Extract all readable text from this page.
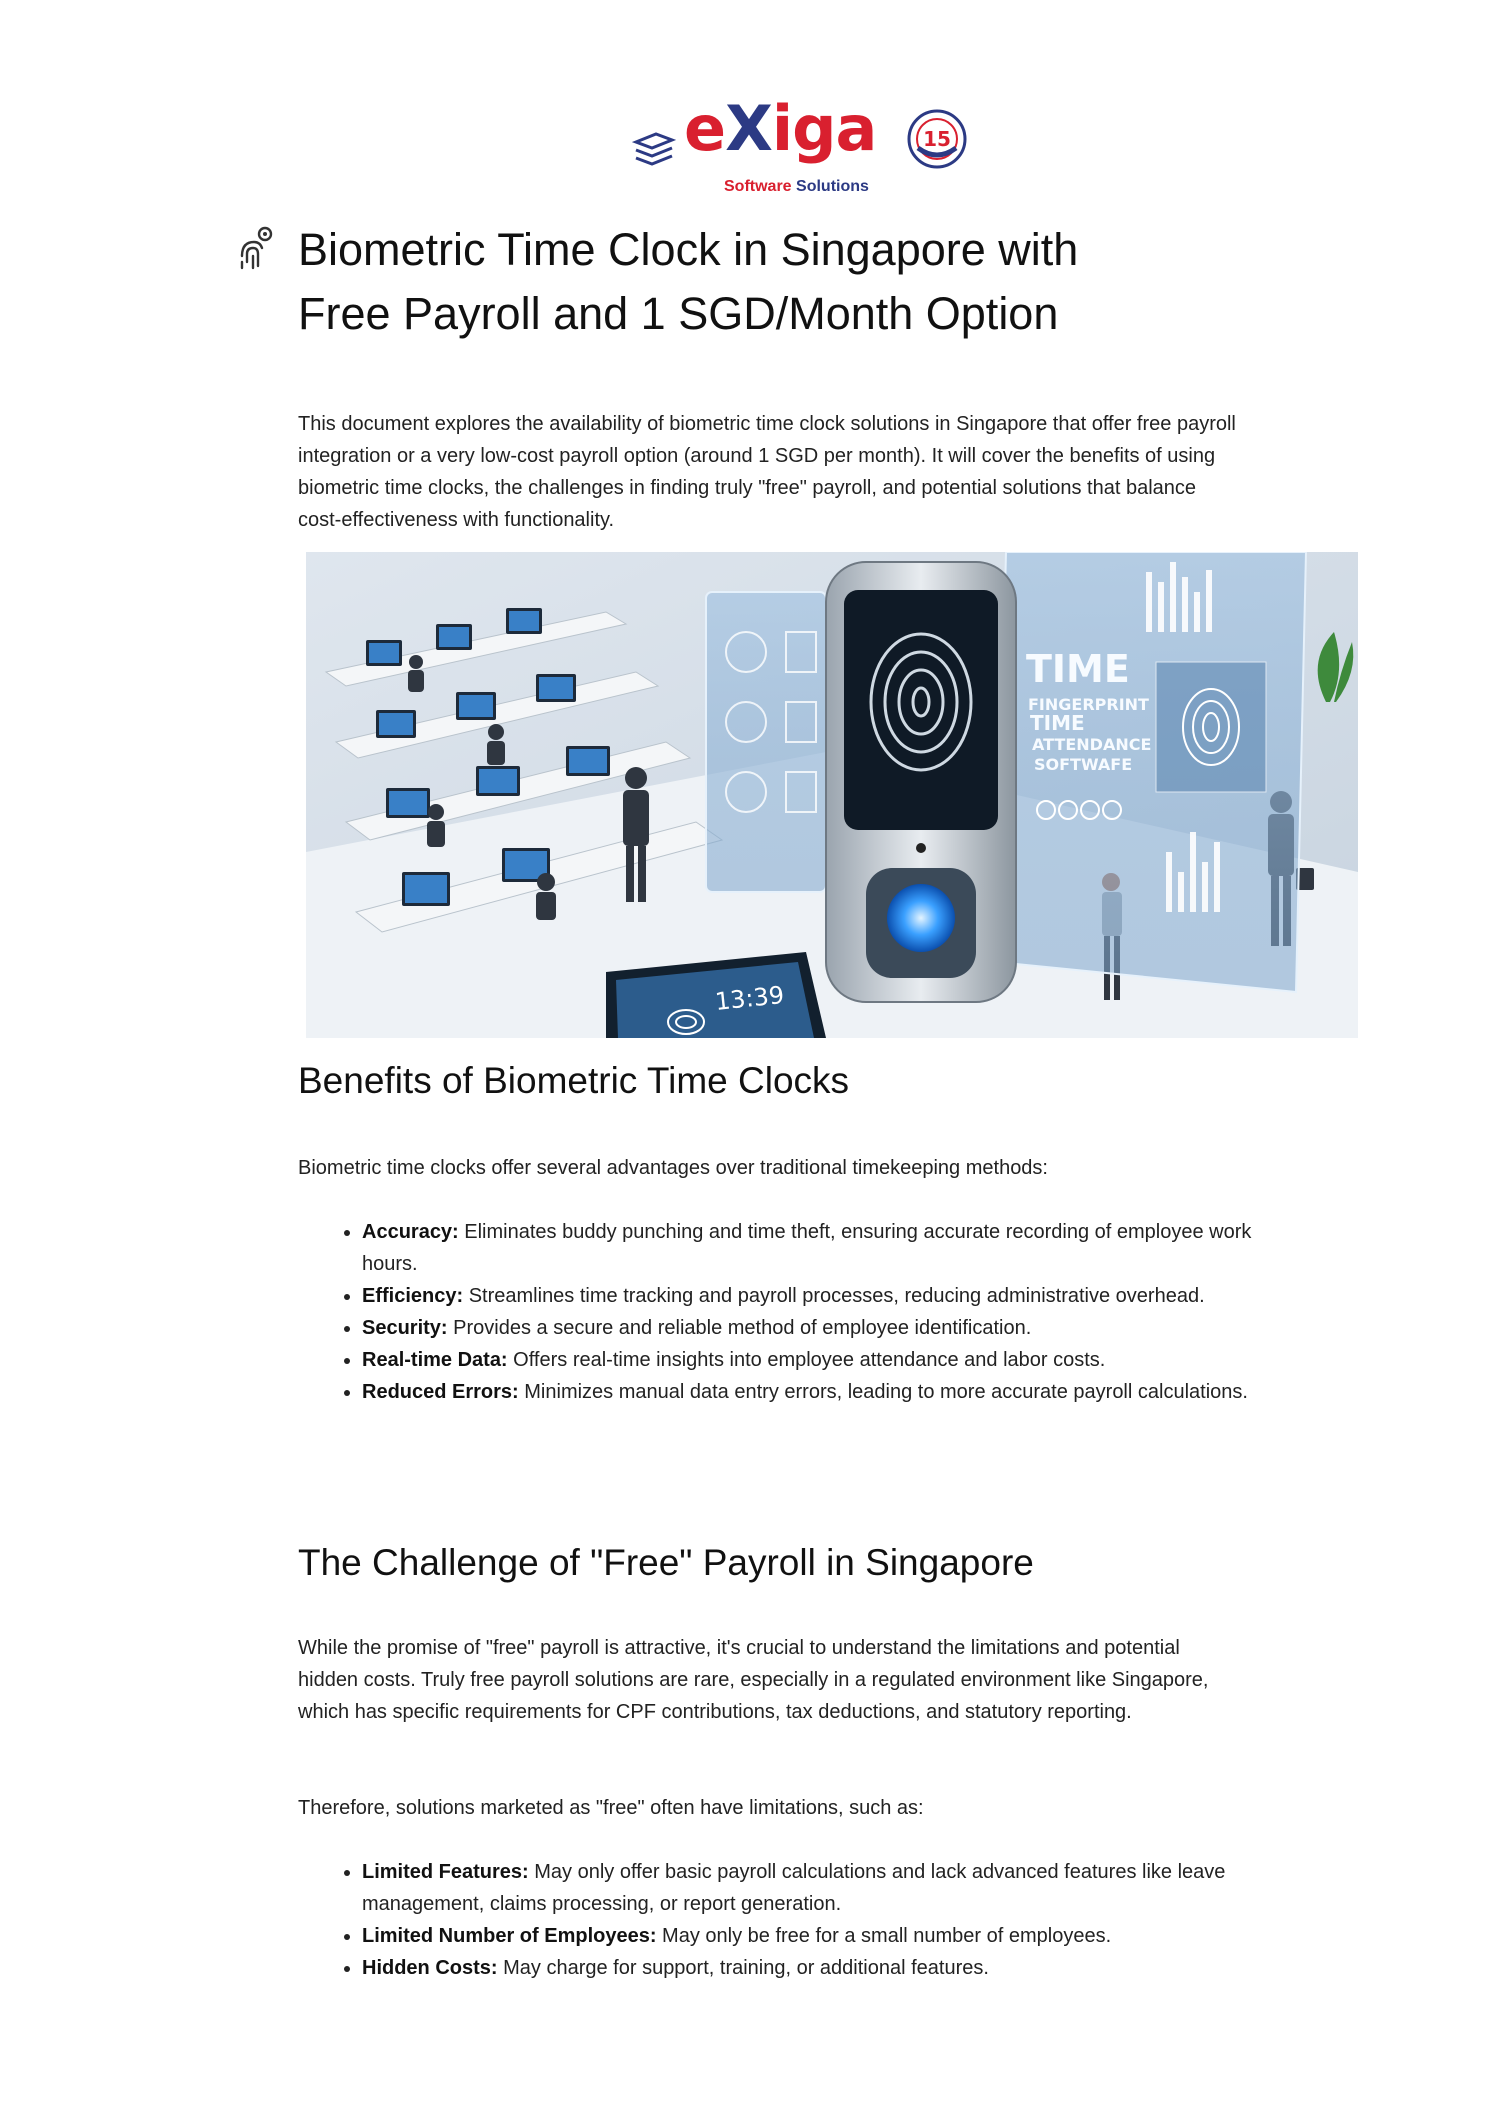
eXiga
Software Solutions
15
Biometric Time Clock in Singapore with
Free Payroll and 1 SGD/Month Option

This document explores the availability of biometric time clock solutions in Singapore that offer free payroll integration or a very low-cost payroll option (around 1 SGD per month). It will cover the benefits of using biometric time clocks, the challenges in finding truly "free" payroll, and potential solutions that balance cost-effectiveness with functionality.

TIME
FINGERPRINT
TIME
ATTENDANCE
SOFTWAFE
13:39
Benefits of Biometric Time Clocks

Biometric time clocks offer several advantages over traditional timekeeping methods:

• Accuracy: Eliminates buddy punching and time theft, ensuring accurate recording of employee work hours.
• Efficiency: Streamlines time tracking and payroll processes, reducing administrative overhead.
• Security: Provides a secure and reliable method of employee identification.
• Real-time Data: Offers real-time insights into employee attendance and labor costs.
• Reduced Errors: Minimizes manual data entry errors, leading to more accurate payroll calculations.
The Challenge of "Free" Payroll in Singapore

While the promise of "free" payroll is attractive, it's crucial to understand the limitations and potential hidden costs. Truly free payroll solutions are rare, especially in a regulated environment like Singapore, which has specific requirements for CPF contributions, tax deductions, and statutory reporting.

Therefore, solutions marketed as "free" often have limitations, such as:

• Limited Features: May only offer basic payroll calculations and lack advanced features like leave management, claims processing, or report generation.
• Limited Number of Employees: May only be free for a small number of employees.
• Hidden Costs: May charge for support, training, or additional features.
